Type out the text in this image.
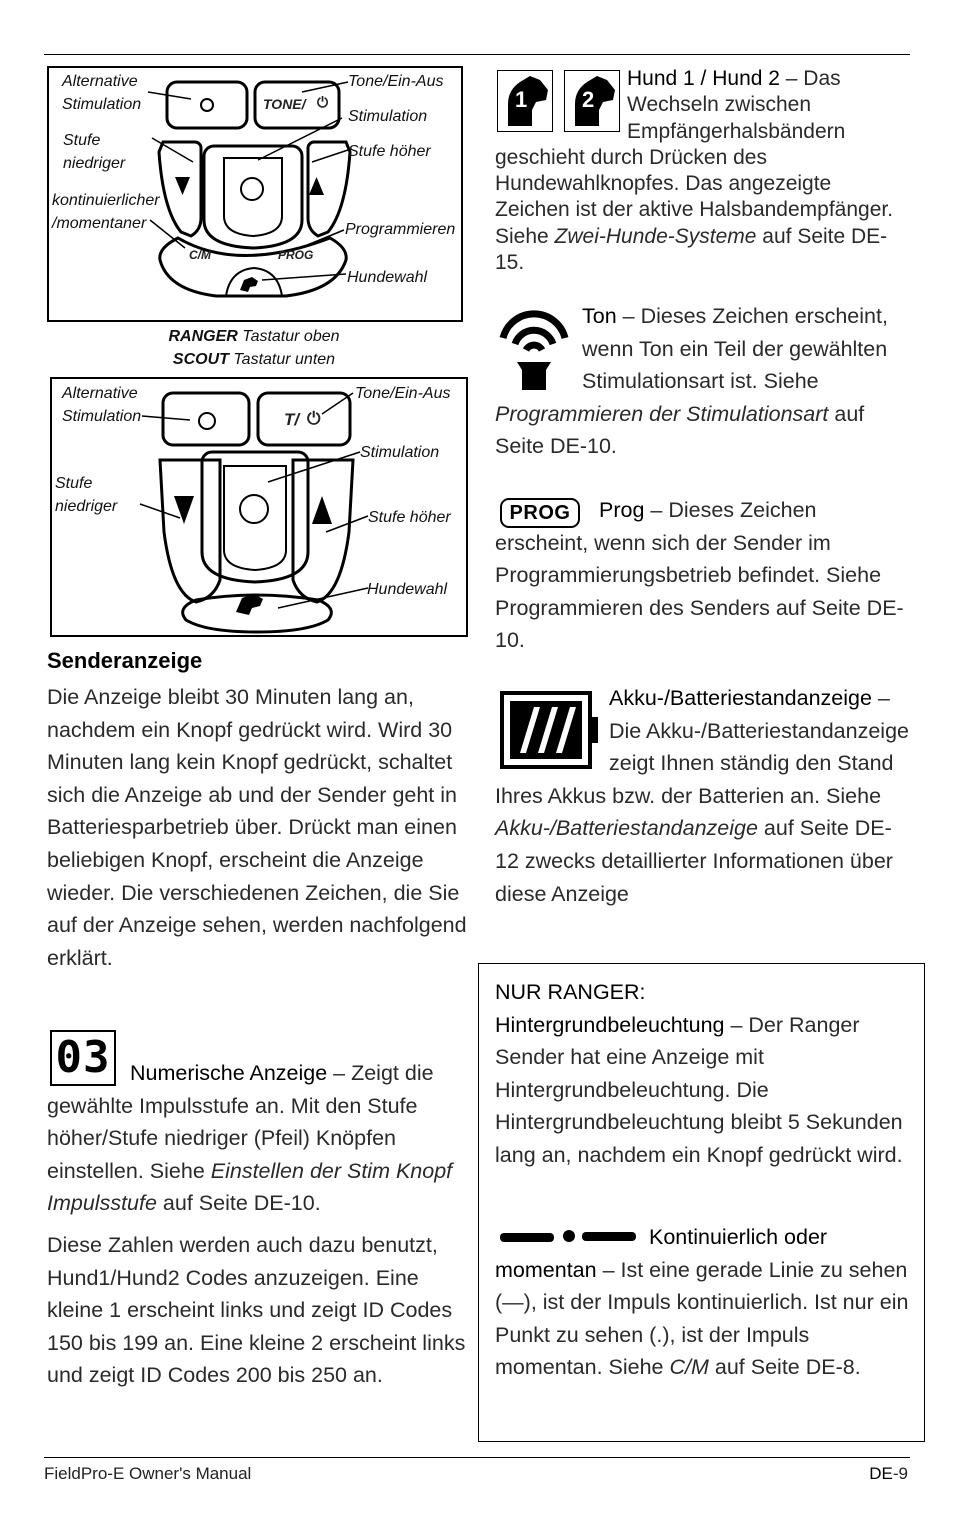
TONE/ ⏻
C/M	PROG
Alternative
Stimulation
Tone/Ein-Aus
Stimulation
Stufe
niedriger
Stufe höher
kontinuierlicher
/momentaner	Programmieren
Hundewahl
RANGER Tastatur oben
SCOUT Tastatur unten
T/ ⏻
Alternative
Stimulation
Tone/Ein-Aus
Stimulation
Stufe
niedriger
Stufe höher
Hundewahl
Senderanzeige

Die Anzeige bleibt 30 Minuten lang an, nachdem ein Knopf gedrückt wird. Wird 30 Minuten lang kein Knopf gedrückt, schaltet sich die Anzeige ab und der Sender geht in Batteriesparbetrieb über. Drückt man einen beliebigen Knopf, erscheint die Anzeige wieder. Die verschiedenen Zeichen, die Sie auf der Anzeige sehen, werden nachfolgend erklärt.

03 Numerische Anzeige – Zeigt die gewählte Impulsstufe an. Mit den Stufe höher/Stufe niedriger (Pfeil) Knöpfen einstellen. Siehe Einstellen der Stim Knopf Impulsstufe auf Seite DE-10.

Diese Zahlen werden auch dazu benutzt, Hund1/Hund2 Codes anzuzeigen. Eine kleine 1 erscheint links und zeigt ID Codes 150 bis 199 an. Eine kleine 2 erscheint links und zeigt ID Codes 200 bis 250 an.

1 2

Hund 1 / Hund 2 – Das Wechseln zwischen Empfängerhalsbändern geschieht durch Drücken des Hundewahlknopfes. Das angezeigte Zeichen ist der aktive Halsbandempfänger. Siehe Zwei-Hunde-Systeme auf Seite DE-15.

Ton – Dieses Zeichen erscheint, wenn Ton ein Teil der gewählten Stimulationsart ist. Siehe Programmieren der Stimulationsart auf Seite DE-10.

PROG	Prog – Dieses Zeichen erscheint, wenn sich der Sender im Programmierungsbetrieb befindet. Siehe Programmieren des Senders auf Seite DE-10.

Akku-/Batteriestandanzeige – Die Akku-/Batteriestandanzeige zeigt Ihnen ständig den Stand Ihres Akkus bzw. der Batterien an. Siehe Akku-/Batteriestandanzeige auf Seite DE-12 zwecks detaillierter Informationen über diese Anzeige

NUR RANGER:
Hintergrundbeleuchtung – Der Ranger Sender hat eine Anzeige mit Hintergrundbeleuchtung. Die Hintergrundbeleuchtung bleibt 5 Sekunden lang an, nachdem ein Knopf gedrückt wird.

Kontinuierlich oder momentan – Ist eine gerade Linie zu sehen (—), ist der Impuls kontinuierlich. Ist nur ein Punkt zu sehen (.), ist der Impuls momentan. Siehe C/M auf Seite DE-8.

FieldPro-E Owner's Manual	DE-9
